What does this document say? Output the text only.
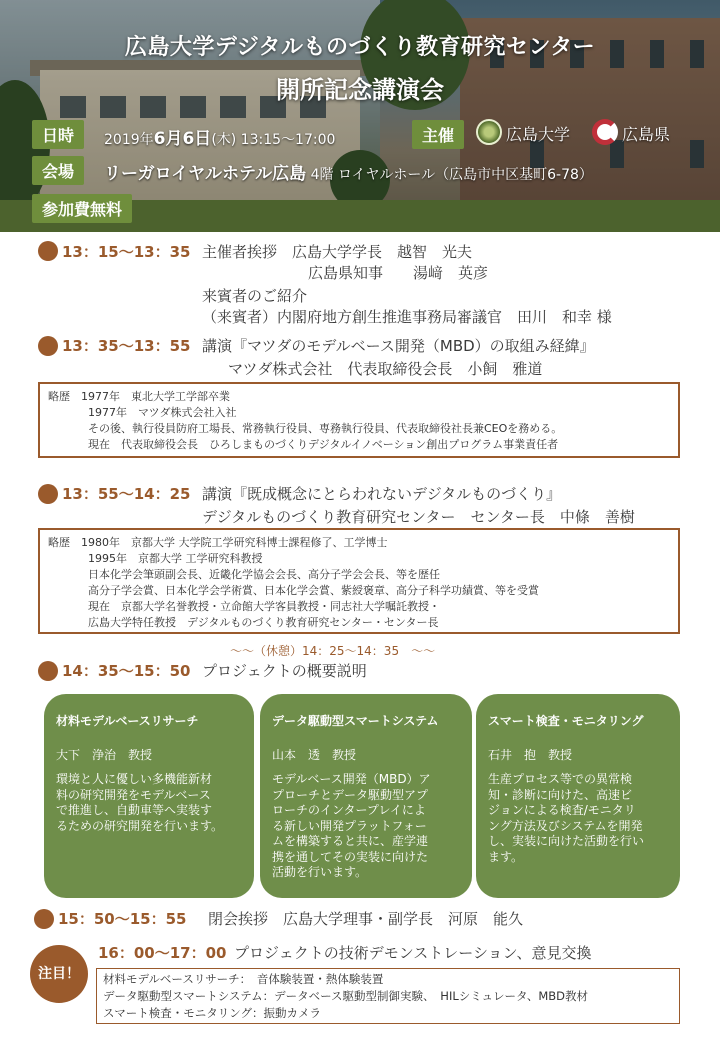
広島大学デジタルものづくり教育研究センター
開所記念講演会
日時	2019年6月6日(木) 13:15～17:00	主催	広島大学	広島県
会場	リーガロイヤルホテル広島 4階 ロイヤルホール（広島市中区基町6-78）
参加費無料
13：15～13：35 主催者挨拶　広島大学学長　越智　光夫
広島県知事　　湯﨑　英彦
来賓者のご紹介
（来賓者）内閣府地方創生推進事務局審議官　田川　和幸 様
13：35～13：55 講演『マツダのモデルベース開発（MBD）の取組み経緯』
マツダ株式会社　代表取締役会長　小飼　雅道
略歴　1977年　東北大学工学部卒業
1977年　マツダ株式会社入社
その後、執行役員防府工場長、常務執行役員、専務執行役員、代表取締役社長兼CEOを務める。
現在　代表取締役会長　ひろしまものづくりデジタルイノベーション創出プログラム事業責任者
13：55～14：25 講演『既成概念にとらわれないデジタルものづくり』
デジタルものづくり教育研究センター　センター長　中條　善樹
略歴　1980年　京都大学 大学院工学研究科博士課程修了、工学博士
1995年　京都大学 工学研究科教授
日本化学会筆頭副会長、近畿化学協会会長、高分子学会会長、等を歴任
高分子学会賞、日本化学会学術賞、日本化学会賞、紫綬褒章、高分子科学功績賞、等を受賞
現在　京都大学名誉教授・立命館大学客員教授・同志社大学嘱託教授・
広島大学特任教授　デジタルものづくり教育研究センター・センター長
～～（休憩）14：25～14：35　～～
14：35～15：50 プロジェクトの概要説明
材料モデルベースリサーチ
大下　浄治　教授
環境と人に優しい多機能新材
料の研究開発をモデルベース
で推進し、自動車等へ実装す
るための研究開発を行います。
データ駆動型スマートシステム
山本　透　教授
モデルベース開発（MBD）ア
プローチとデータ駆動型アプ
ローチのインタープレイによ
る新しい開発プラットフォー
ムを構築すると共に、産学連
携を通してその実装に向けた
活動を行います。
スマート検査・モニタリング
石井　抱　教授
生産プロセス等での異常検
知・診断に向けた、高速ビ
ジョンによる検査/モニタリ
ング方法及びシステムを開発
し、実装に向けた活動を行い
ます。
15：50～15：55 閉会挨拶　広島大学理事・副学長　河原　能久
注目！
16：00～17：00 プロジェクトの技術デモンストレーション、意見交換
材料モデルベースリサーチ：　音体験装置・熱体験装置
データ駆動型スマートシステム：データベース駆動型制御実験、　HILシミュレータ、MBD教材
スマート検査・モニタリング：振動カメラ
